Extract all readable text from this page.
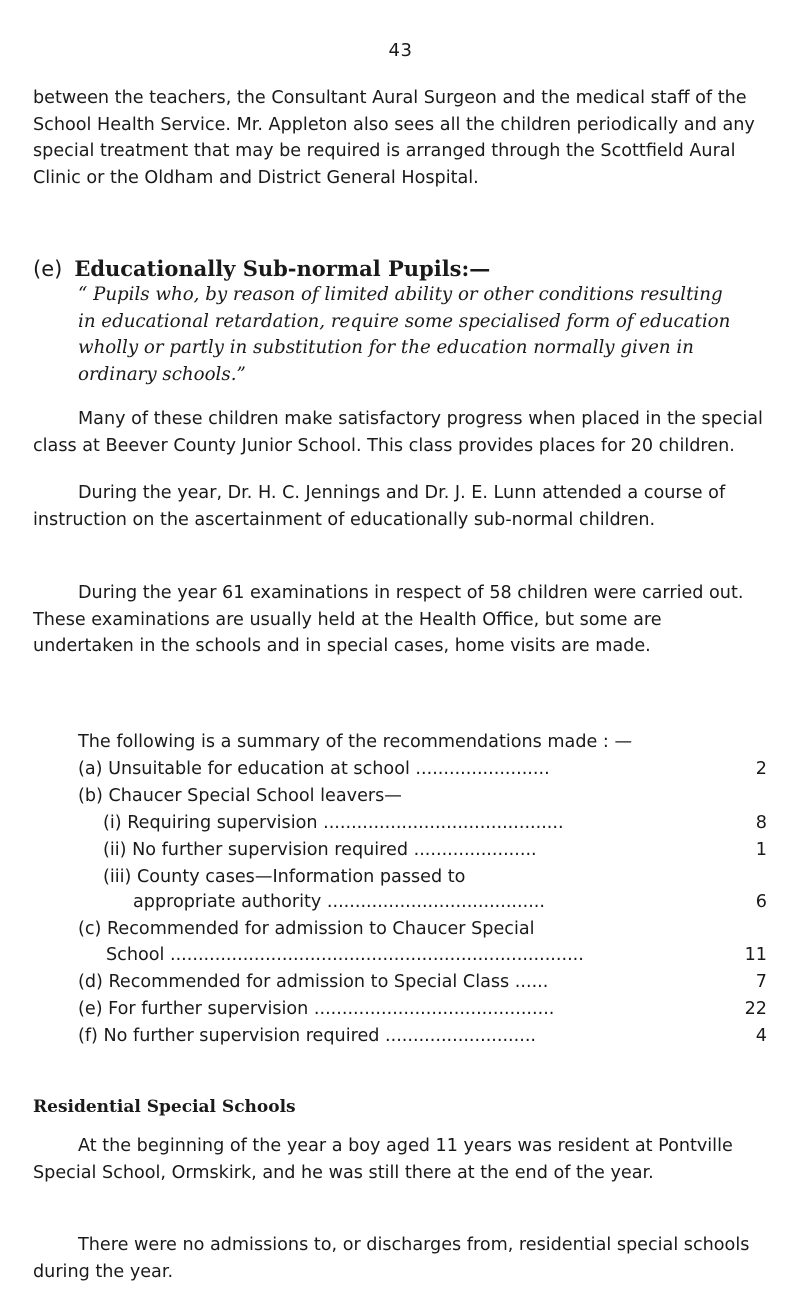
43

between the teachers, the Consultant Aural Surgeon and the medical staff of the School Health Service. Mr. Appleton also sees all the children periodically and any special treatment that may be required is arranged through the Scottfield Aural Clinic or the Oldham and District General Hospital.

(e) Educationally Sub-normal Pupils:—

“ Pupils who, by reason of limited ability or other conditions resulting in educational retardation, require some specialised form of education wholly or partly in substitution for the education normally given in ordinary schools.”

Many of these children make satisfactory progress when placed in the special class at Beever County Junior School. This class provides places for 20 children.

During the year, Dr. H. C. Jennings and Dr. J. E. Lunn attended a course of instruction on the ascertainment of educationally sub-normal children.

During the year 61 examinations in respect of 58 children were carried out. These examinations are usually held at the Health Office, but some are undertaken in the schools and in special cases, home visits are made.

The following is a summary of the recommendations made : —
(a) Unsuitable for education at school ........................	2
(b) Chaucer Special School leavers—
(i) Requiring supervision ...........................................	8
(ii) No further supervision required ......................	1
(iii) County cases—Information passed to
appropriate authority .......................................	6
(c) Recommended for admission to Chaucer Special
School ..........................................................................	11
(d) Recommended for admission to Special Class ......	7
(e) For further supervision ...........................................	22
(f) No further supervision required ...........................	4
Residential Special Schools

At the beginning of the year a boy aged 11 years was resident at Pontville Special School, Ormskirk, and he was still there at the end of the year.

There were no admissions to, or discharges from, residential special schools during the year.
